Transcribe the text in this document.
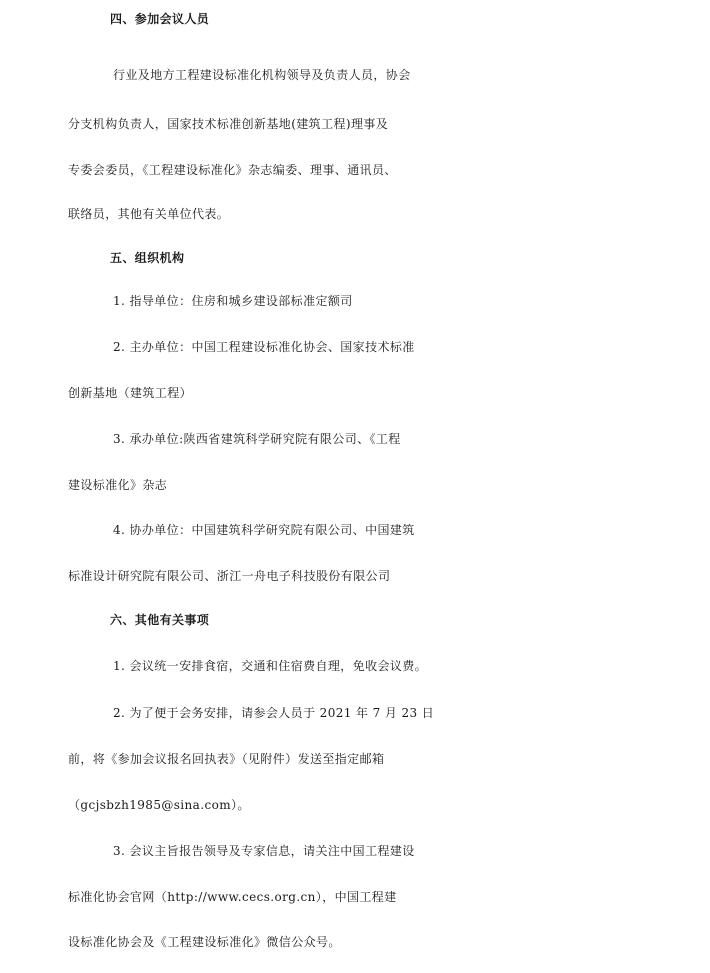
四、参加会议人员
行业及地方工程建设标准化机构领导及负责人员，协会
分支机构负责人，国家技术标准创新基地(建筑工程)理事及
专委会委员，《工程建设标准化》杂志编委、理事、通讯员、
联络员，其他有关单位代表。
五、组织机构
1. 指导单位：住房和城乡建设部标准定额司
2. 主办单位：中国工程建设标准化协会、国家技术标准
创新基地（建筑工程）
3. 承办单位:陕西省建筑科学研究院有限公司、《工程
建设标准化》杂志
4. 协办单位：中国建筑科学研究院有限公司、中国建筑
标准设计研究院有限公司、浙江一舟电子科技股份有限公司
六、其他有关事项
1. 会议统一安排食宿，交通和住宿费自理，免收会议费。
2. 为了便于会务安排，请参会人员于 2021 年 7 月 23 日
前，将《参加会议报名回执表》（见附件）发送至指定邮箱
（gcjsbzh1985@sina.com）。
3. 会议主旨报告领导及专家信息，请关注中国工程建设
标准化协会官网（http://www.cecs.org.cn），中国工程建
设标准化协会及《工程建设标准化》微信公众号。
